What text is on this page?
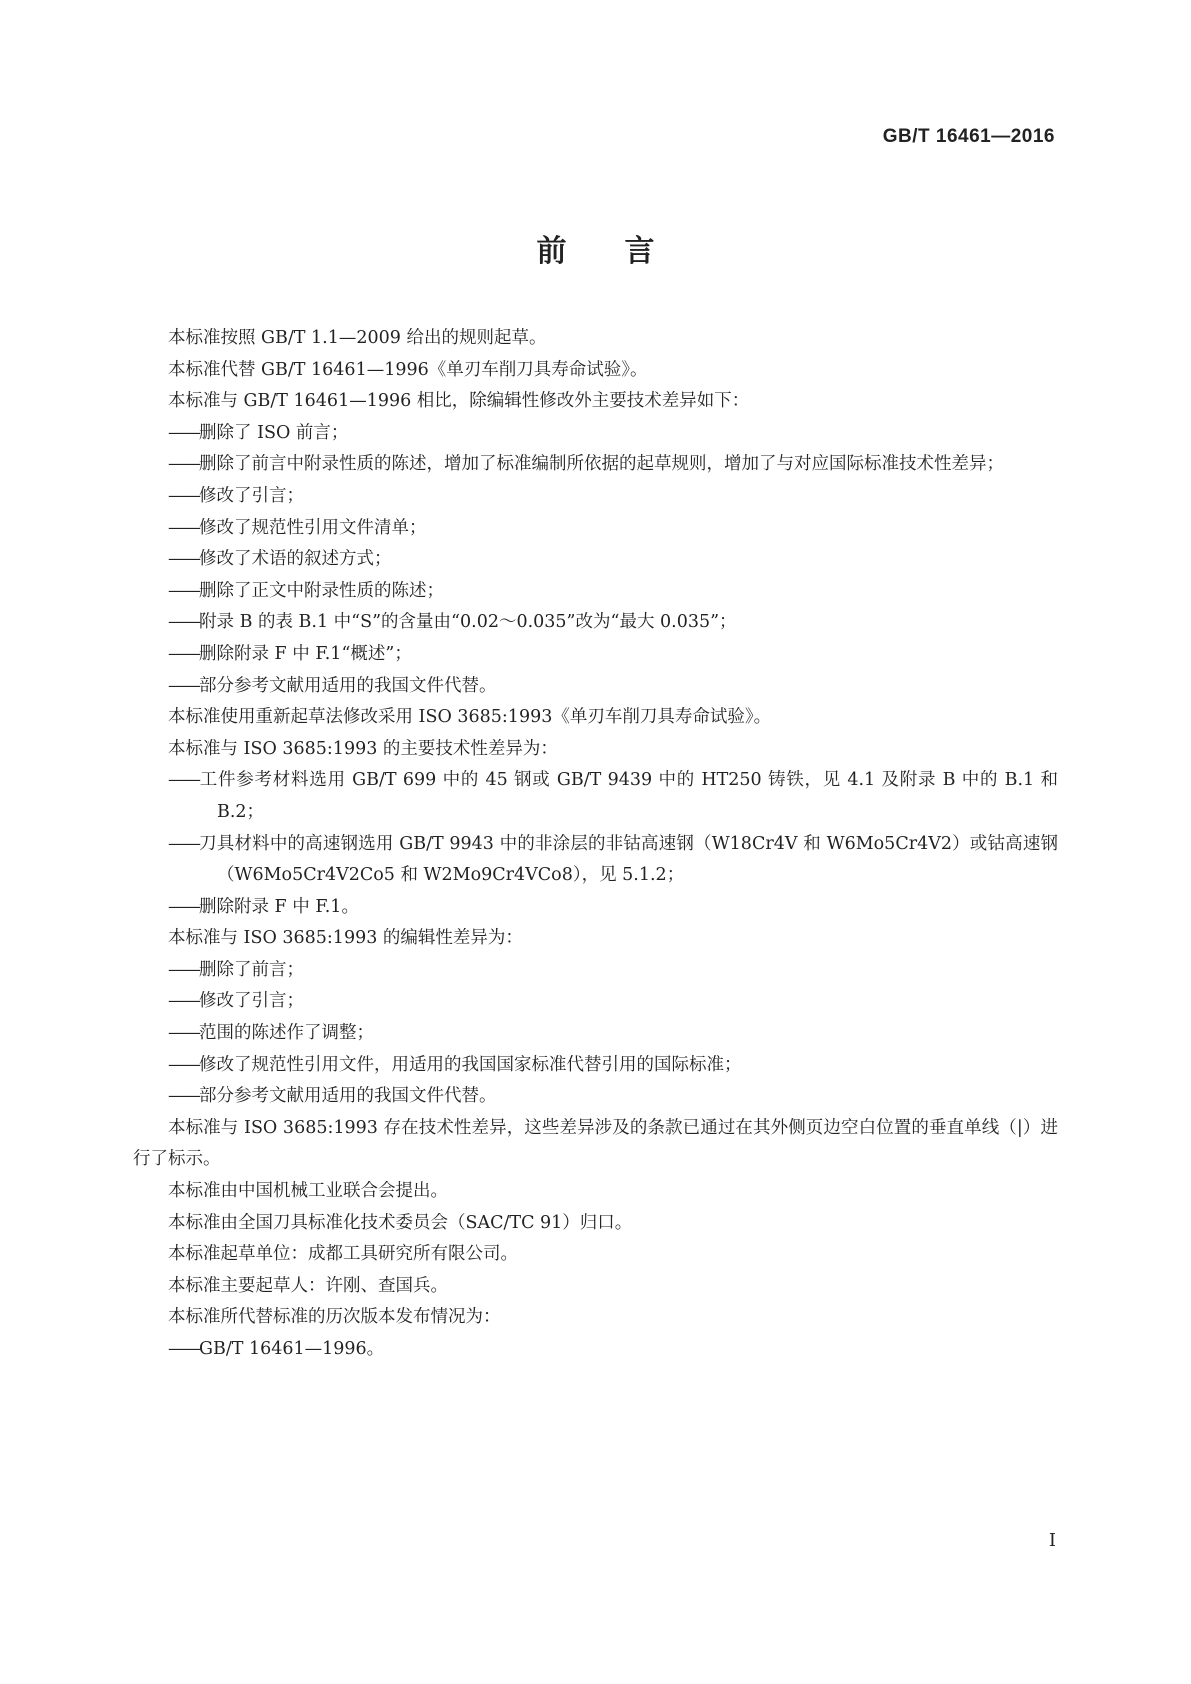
GB/T 16461—2016
前言

本标准按照 GB/T 1.1—2009 给出的规则起草。

本标准代替 GB/T 16461—1996《单刃车削刀具寿命试验》。

本标准与 GB/T 16461—1996 相比，除编辑性修改外主要技术差异如下：

—— 删除了 ISO 前言；

—— 删除了前言中附录性质的陈述，增加了标准编制所依据的起草规则，增加了与对应国际标准技术性差异；

—— 修改了引言；

—— 修改了规范性引用文件清单；

—— 修改了术语的叙述方式；

—— 删除了正文中附录性质的陈述；

—— 附录 B 的表 B.1 中“S”的含量由“0.02～0.035”改为“最大 0.035”；

—— 删除附录 F 中 F.1“概述”；

—— 部分参考文献用适用的我国文件代替。

本标准使用重新起草法修改采用 ISO 3685:1993《单刃车削刀具寿命试验》。

本标准与 ISO 3685:1993 的主要技术性差异为：

—— 工件参考材料选用 GB/T 699 中的 45 钢或 GB/T 9439 中的 HT250 铸铁，见 4.1 及附录 B 中的 B.1 和 B.2；

—— 刀具材料中的高速钢选用 GB/T 9943 中的非涂层的非钴高速钢（W18Cr4V 和 W6Mo5Cr4V2）或钴高速钢（W6Mo5Cr4V2Co5 和 W2Mo9Cr4VCo8），见 5.1.2；

—— 删除附录 F 中 F.1。

本标准与 ISO 3685:1993 的编辑性差异为：

—— 删除了前言；

—— 修改了引言；

—— 范围的陈述作了调整；

—— 修改了规范性引用文件，用适用的我国国家标准代替引用的国际标准；

—— 部分参考文献用适用的我国文件代替。

本标准与 ISO 3685:1993 存在技术性差异，这些差异涉及的条款已通过在其外侧页边空白位置的垂直单线（|）进行了标示。

本标准由中国机械工业联合会提出。

本标准由全国刀具标准化技术委员会（SAC/TC 91）归口。

本标准起草单位：成都工具研究所有限公司。

本标准主要起草人：许刚、查国兵。

本标准所代替标准的历次版本发布情况为：

—— GB/T 16461—1996。

I
